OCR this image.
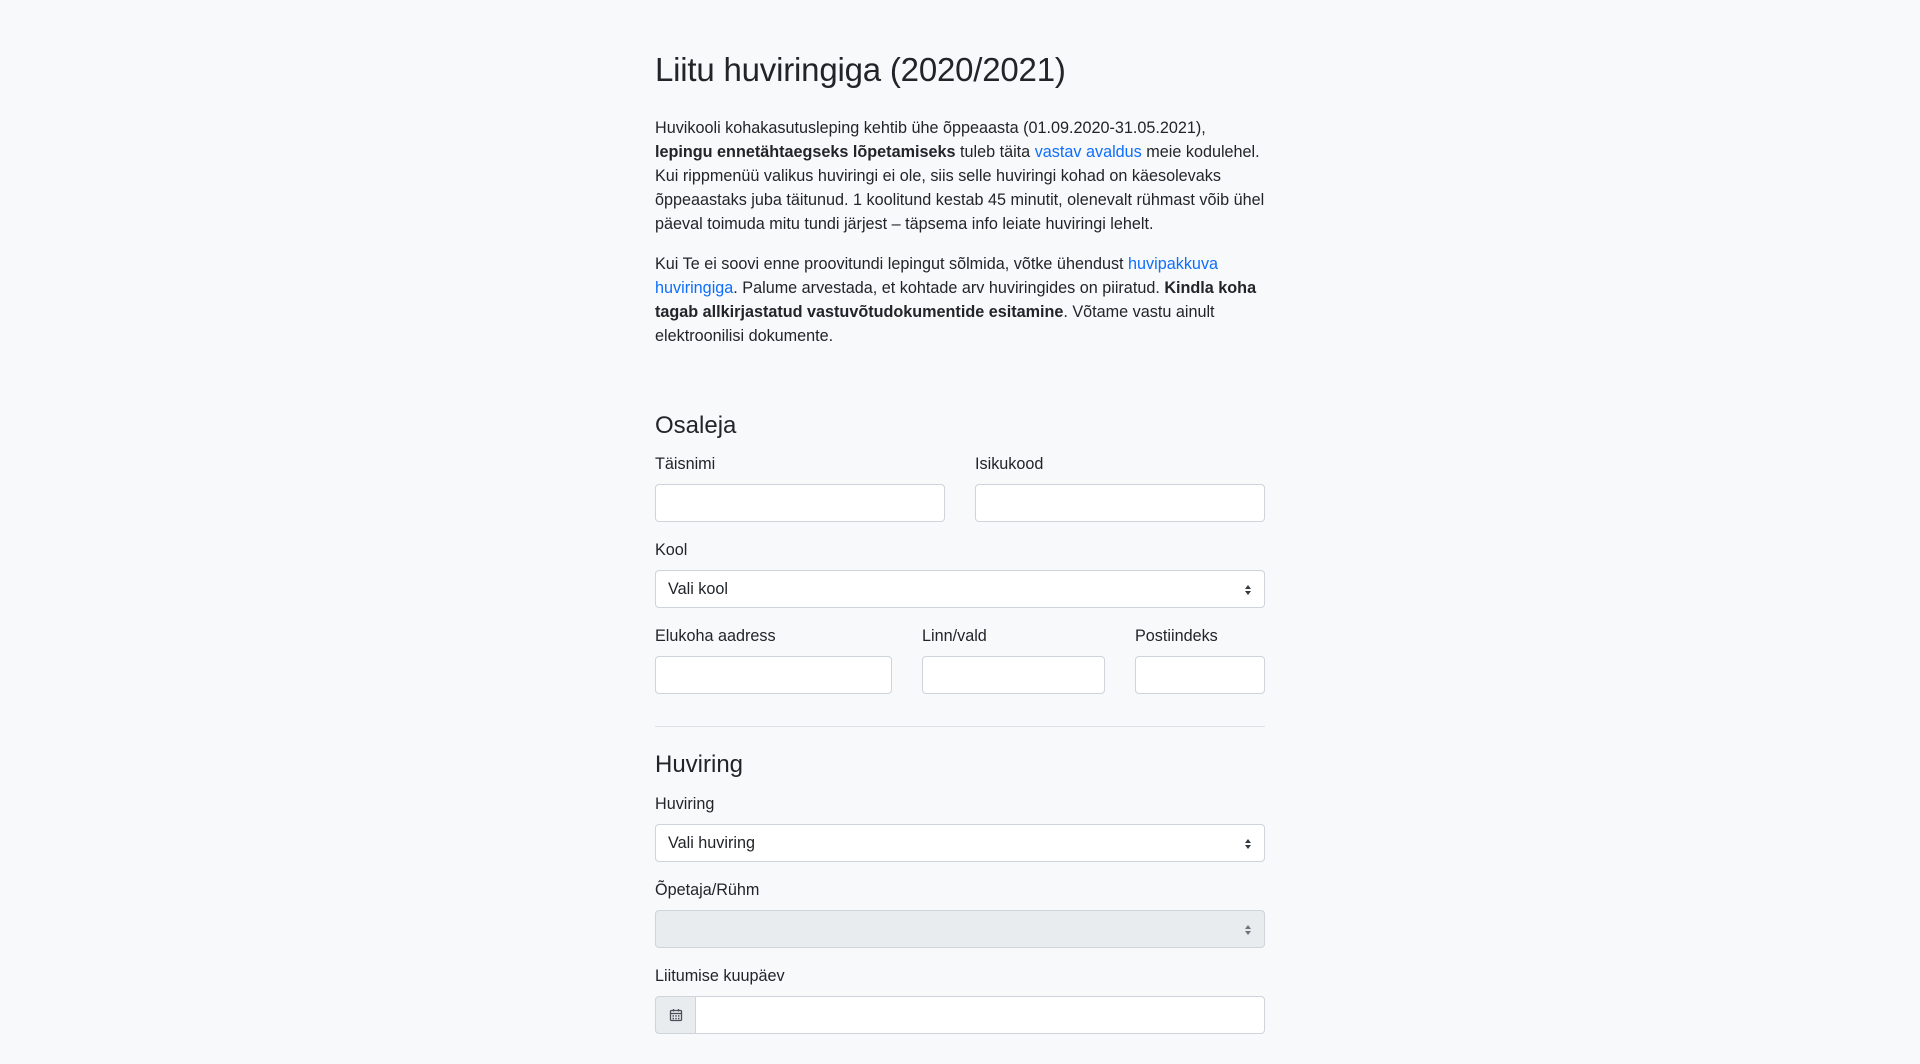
Liitu huviringiga (2020/2021)

Huvikooli kohakasutusleping kehtib ühe õppeaasta (01.09.2020-31.05.2021), lepingu ennetähtaegseks lõpetamiseks tuleb täita vastav avaldus meie kodulehel. Kui rippmenüü valikus huviringi ei ole, siis selle huviringi kohad on käesolevaks õppeaastaks juba täitunud. 1 koolitund kestab 45 minutit, olenevalt rühmast võib ühel päeval toimuda mitu tundi järjest – täpsema info leiate huviringi lehelt.

Kui Te ei soovi enne proovitundi lepingut sõlmida, võtke ühendust huvipakkuva huviringiga. Palume arvestada, et kohtade arv huviringides on piiratud. Kindla koha tagab allkirjastatud vastuvõtudokumentide esitamine. Võtame vastu ainult elektroonilisi dokumente.

Osaleja
Täisnimi	Isikukood
Kool
Vali kool
Elukoha aadress	Linn/vald	Postiindeks
Huviring
Huviring
Vali huviring
Õpetaja/Rühm
Liitumise kuupäev
